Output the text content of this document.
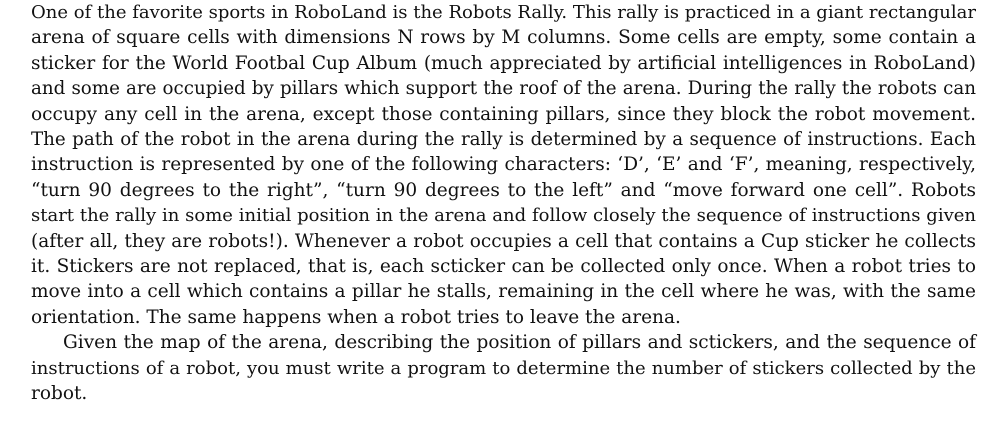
One of the favorite sports in RoboLand is the Robots Rally. This rally is practiced in a giant rectangular
arena of square cells with dimensions N rows by M columns. Some cells are empty, some contain a
sticker for the World Footbal Cup Album (much appreciated by artificial intelligences in RoboLand)
and some are occupied by pillars which support the roof of the arena. During the rally the robots can
occupy any cell in the arena, except those containing pillars, since they block the robot movement.
The path of the robot in the arena during the rally is determined by a sequence of instructions. Each
instruction is represented by one of the following characters: ‘D’, ‘E’ and ‘F’, meaning, respectively,
“turn 90 degrees to the right”, “turn 90 degrees to the left” and “move forward one cell”. Robots
start the rally in some initial position in the arena and follow closely the sequence of instructions given
(after all, they are robots!). Whenever a robot occupies a cell that contains a Cup sticker he collects
it. Stickers are not replaced, that is, each scticker can be collected only once. When a robot tries to
move into a cell which contains a pillar he stalls, remaining in the cell where he was, with the same
orientation. The same happens when a robot tries to leave the arena.
Given the map of the arena, describing the position of pillars and sctickers, and the sequence of
instructions of a robot, you must write a program to determine the number of stickers collected by the
robot.
